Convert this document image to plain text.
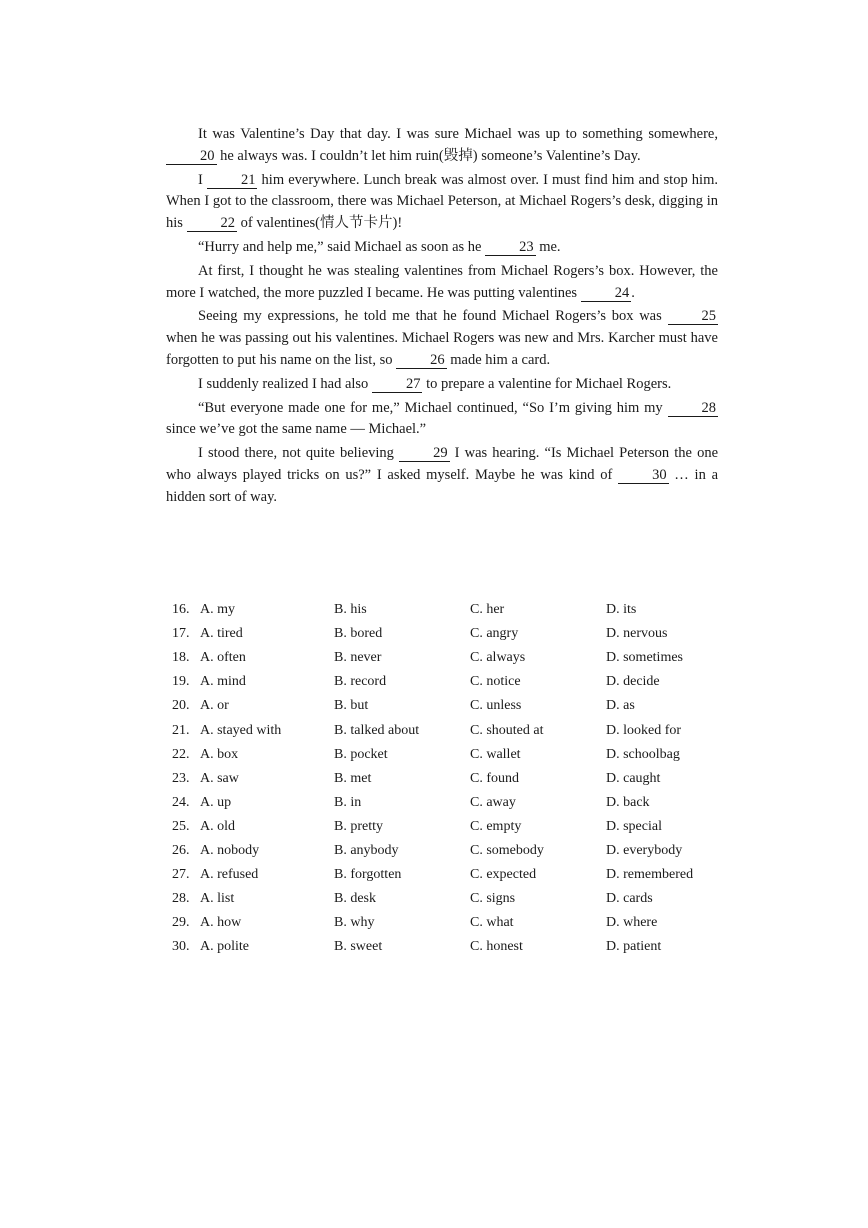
It was Valentine’s Day that day. I was sure Michael was up to something somewhere, 20 he always was. I couldn’t let him ruin(毁掉) someone’s Valentine’s Day.

I 21 him everywhere. Lunch break was almost over. I must find him and stop him. When I got to the classroom, there was Michael Peterson, at Michael Rogers’s desk, digging in his 22 of valentines(情人节卡片)!

“Hurry and help me,” said Michael as soon as he 23 me.

At first, I thought he was stealing valentines from Michael Rogers’s box. However, the more I watched, the more puzzled I became. He was putting valentines 24 .

Seeing my expressions, he told me that he found Michael Rogers’s box was 25 when he was passing out his valentines. Michael Rogers was new and Mrs. Karcher must have forgotten to put his name on the list, so 26 made him a card.

I suddenly realized I had also 27 to prepare a valentine for Michael Rogers.

“But everyone made one for me,” Michael continued, “So I’m giving him my 28 since we’ve got the same name — Michael.”

I stood there, not quite believing 29 I was hearing. “Is Michael Peterson the one who always played tricks on us?” I asked myself. Maybe he was kind of 30 … in a hidden sort of way.

16. A. my	B. his	C. her	D. its
17. A. tired	B. bored	C. angry	D. nervous
18. A. often	B. never	C. always	D. sometimes
19. A. mind	B. record	C. notice	D. decide
20. A. or	B. but	C. unless	D. as
21. A. stayed with	B. talked about	C. shouted at	D. looked for
22. A. box	B. pocket	C. wallet	D. schoolbag
23. A. saw	B. met	C. found	D. caught
24. A. up	B. in	C. away	D. back
25. A. old	B. pretty	C. empty	D. special
26. A. nobody	B. anybody	C. somebody	D. everybody
27. A. refused	B. forgotten	C. expected	D. remembered
28. A. list	B. desk	C. signs	D. cards
29. A. how	B. why	C. what	D. where
30. A. polite	B. sweet	C. honest	D. patient
